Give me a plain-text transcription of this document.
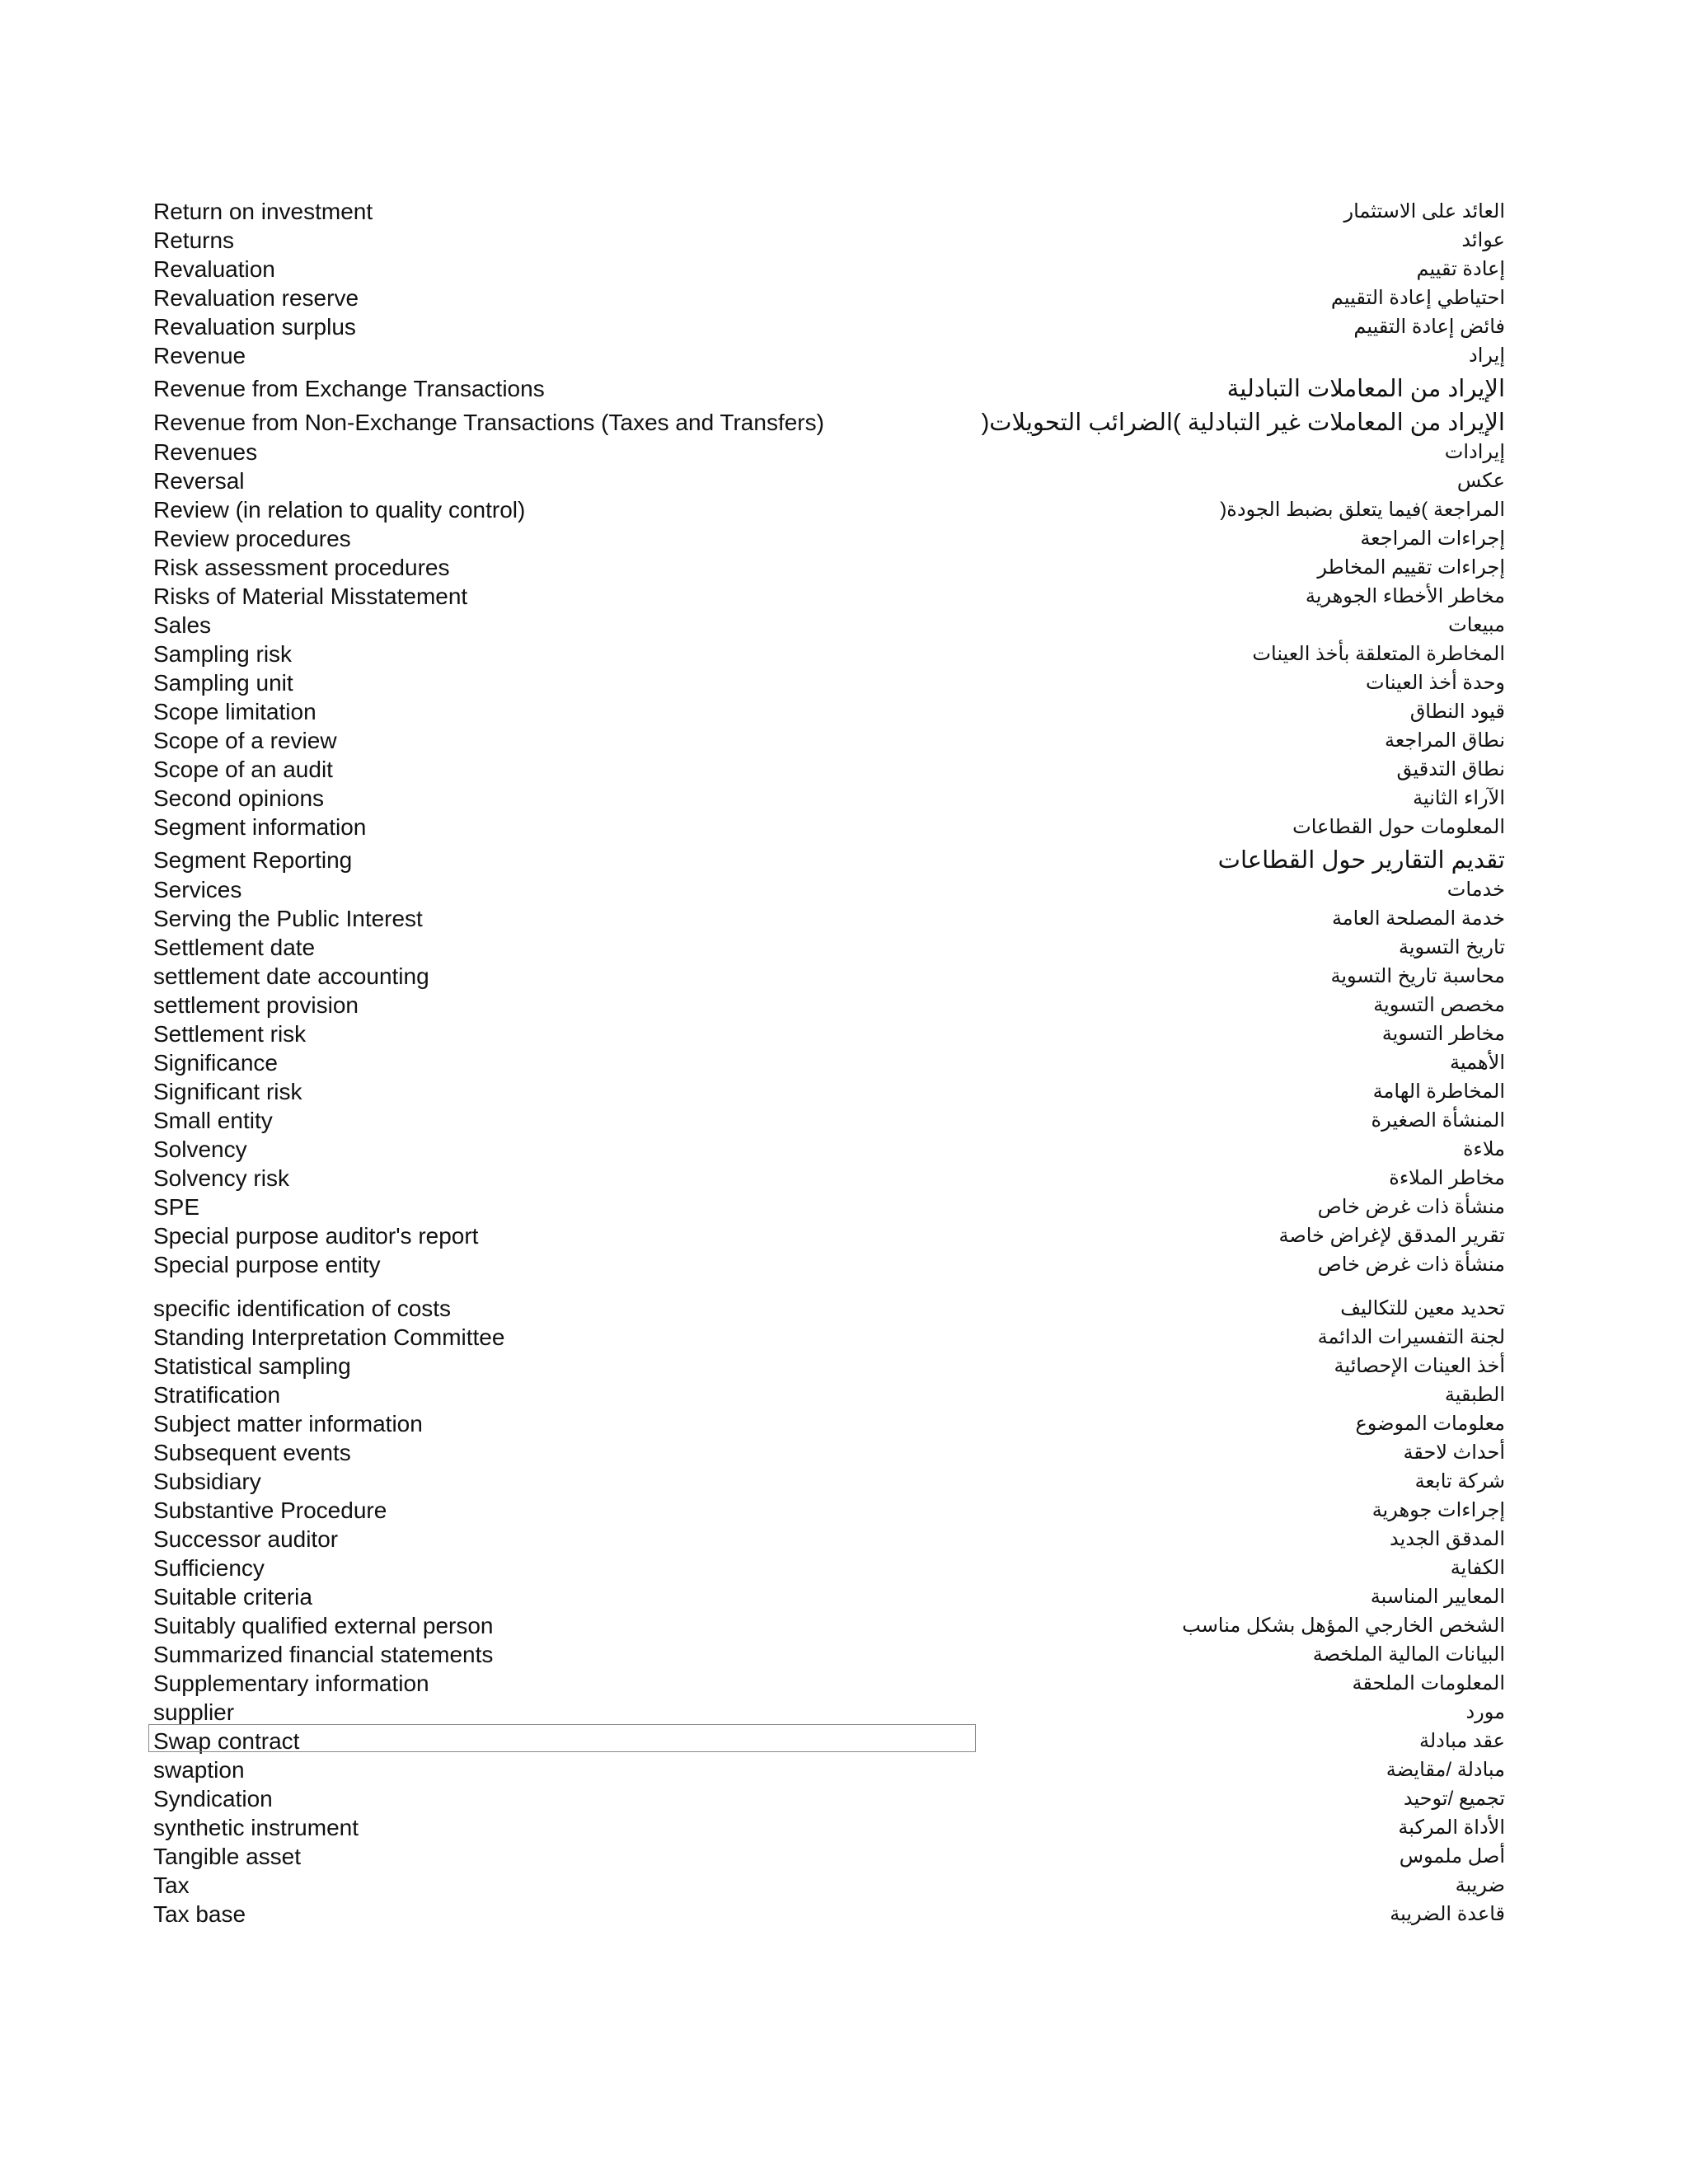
Return on investment	العائد على الاستثمار
Returns	عوائد
Revaluation	إعادة تقييم
Revaluation reserve	احتياطي إعادة التقييم
Revaluation surplus	فائض إعادة التقييم
Revenue	إيراد
Revenue from Exchange Transactions	الإيراد من المعاملات التبادلية
Revenue from Non-Exchange Transactions (Taxes and Transfers)	الإيراد من المعاملات غير التبادلية )الضرائب التحويلات(
Revenues	إيرادات
Reversal	عكس
Review (in relation to quality control)	المراجعة )فيما يتعلق بضبط الجودة(
Review procedures	إجراءات المراجعة
Risk assessment procedures	إجراءات تقييم المخاطر
Risks of Material Misstatement	مخاطر الأخطاء الجوهرية
Sales	مبيعات
Sampling risk	المخاطرة المتعلقة بأخذ العينات
Sampling unit	وحدة أخذ العينات
Scope limitation	قيود النطاق
Scope of a review	نطاق المراجعة
Scope of an audit	نطاق التدقيق
Second opinions	الآراء الثانية
Segment information	المعلومات حول القطاعات
Segment Reporting	تقديم التقارير حول القطاعات
Services	خدمات
Serving the Public Interest	خدمة المصلحة العامة
Settlement date	تاريخ التسوية
settlement date accounting	محاسبة تاريخ التسوية
settlement provision	مخصص التسوية
Settlement risk	مخاطر التسوية
Significance	الأهمية
Significant risk	المخاطرة الهامة
Small entity	المنشأة الصغيرة
Solvency	ملاءة
Solvency risk	مخاطر الملاءة
SPE	منشأة ذات غرض خاص
Special purpose auditor's report	تقرير المدقق لإغراض خاصة
Special purpose entity	منشأة ذات غرض خاص
specific identification of costs	تحديد معين للتكاليف
Standing Interpretation Committee	لجنة التفسيرات الدائمة
Statistical sampling	أخذ العينات الإحصائية
Stratification	الطبقية
Subject matter information	معلومات الموضوع
Subsequent events	أحداث لاحقة
Subsidiary	شركة تابعة
Substantive Procedure	إجراءات جوهرية
Successor auditor	المدقق الجديد
Sufficiency	الكفاية
Suitable criteria	المعايير المناسبة
Suitably qualified external person	الشخص الخارجي المؤهل بشكل مناسب
Summarized financial statements	البيانات المالية الملخصة
Supplementary information	المعلومات الملحقة
supplier	مورد
Swap contract	عقد مبادلة
swaption	مبادلة /مقايضة
Syndication	تجميع /توحيد
synthetic instrument	الأداة المركبة
Tangible asset	أصل ملموس
Tax	ضريبة
Tax base	قاعدة الضريبة
